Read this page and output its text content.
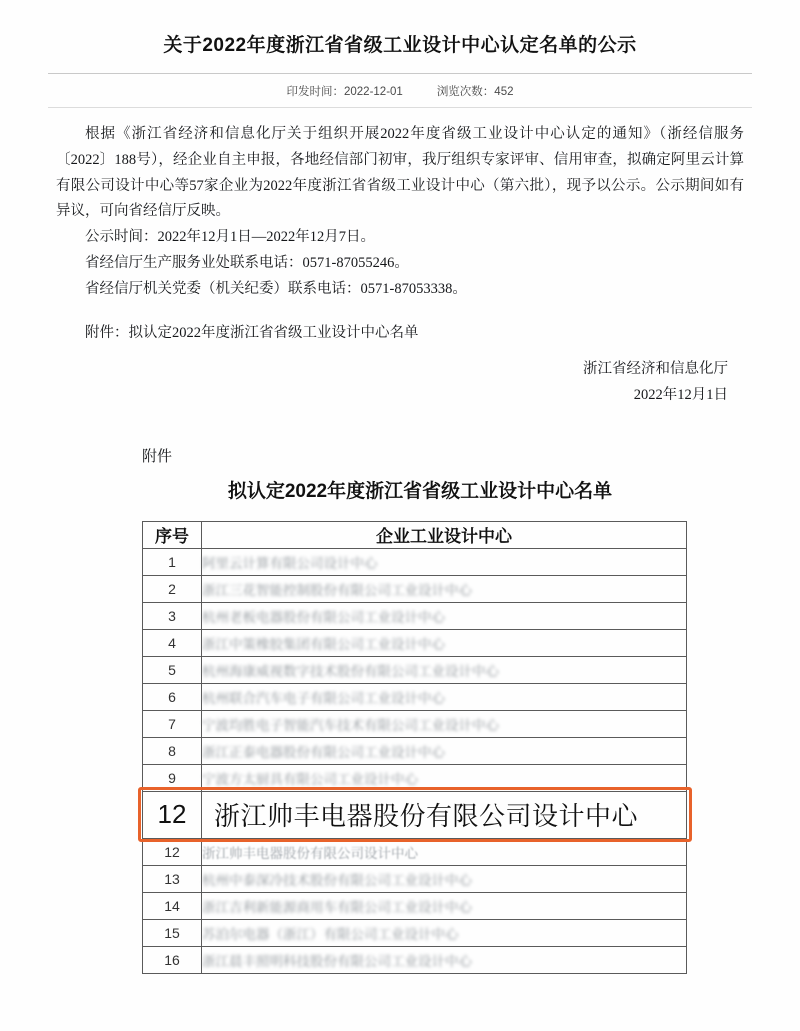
关于2022年度浙江省省级工业设计中心认定名单的公示
印发时间：2022-12-01	浏览次数：452

根据《浙江省经济和信息化厅关于组织开展2022年度省级工业设计中心认定的通知》（浙经信服务〔2022〕188号），经企业自主申报，各地经信部门初审，我厅组织专家评审、信用审查，拟确定阿里云计算有限公司设计中心等57家企业为2022年度浙江省省级工业设计中心（第六批），现予以公示。公示期间如有异议，可向省经信厅反映。

公示时间：2022年12月1日—2022年12月7日。

省经信厅生产服务业处联系电话：0571-87055246。

省经信厅机关党委（机关纪委）联系电话：0571-87053338。

附件：拟认定2022年度浙江省省级工业设计中心名单

浙江省经济和信息化厅
2022年12月1日
附件
拟认定2022年度浙江省省级工业设计中心名单
序号	企业工业设计中心
1	阿里云计算有限公司设计中心
2	浙江三花智能控制股份有限公司工业设计中心
3	杭州老板电器股份有限公司工业设计中心
4	浙江中策橡胶集团有限公司工业设计中心
5	杭州海康威视数字技术股份有限公司工业设计中心
6	杭州联合汽车电子有限公司工业设计中心
7	宁波均胜电子智能汽车技术有限公司工业设计中心
8	浙江正泰电器股份有限公司工业设计中心
9	宁波方太厨具有限公司工业设计中心
12	浙江帅丰电器股份有限公司设计中心
12	浙江帅丰电器股份有限公司设计中心
13	杭州中泰深冷技术股份有限公司工业设计中心
14	浙江吉利新能源商用车有限公司工业设计中心
15	苏泊尔电器（浙江）有限公司工业设计中心
16	浙江晨丰照明科技股份有限公司工业设计中心
